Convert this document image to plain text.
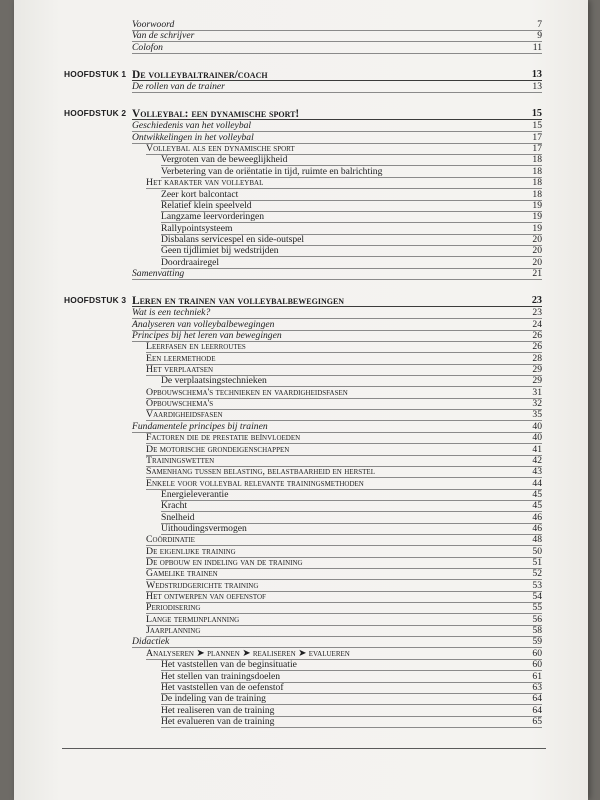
Voorwoord	7
Van de schrijver	9
Colofon	11
HOOFDSTUK 1 De volleybaltrainer/coach	13
De rollen van de trainer	13
HOOFDSTUK 2 Volleybal: een dynamische sport!	15
Geschiedenis van het volleybal	15
Ontwikkelingen in het volleybal	17
Volleybal als een dynamische sport	17
Vergroten van de beweeglijkheid	18
Verbetering van de oriëntatie in tijd, ruimte en balrichting	18
Het karakter van volleybal	18
Zeer kort balcontact	18
Relatief klein speelveld	19
Langzame leervorderingen	19
Rallypointsysteem	19
Disbalans servicespel en side-outspel	20
Geen tijdlimiet bij wedstrijden	20
Doordraairegel	20
Samenvatting	21
HOOFDSTUK 3 Leren en trainen van volleybalbewegingen	23
Wat is een techniek?	23
Analyseren van volleybalbewegingen	24
Principes bij het leren van bewegingen	26
Leerfasen en leerroutes	26
Een leermethode	28
Het verplaatsen	29
De verplaatsingstechnieken	29
Opbouwschema's technieken en vaardigheidsfasen	31
Opbouwschema's	32
Vaardigheidsfasen	35
Fundamentele principes bij trainen	40
Factoren die de prestatie beïnvloeden	40
De motorische grondeigenschappen	41
Trainingswetten	42
Samenhang tussen belasting, belastbaarheid en herstel	43
Enkele voor volleybal relevante trainingsmethoden	44
Energieleverantie	45
Kracht	45
Snelheid	46
Uithoudingsvermogen	46
Coördinatie	48
De eigenlijke training	50
De opbouw en indeling van de training	51
Gamelike trainen	52
Wedstrijdgerichte training	53
Het ontwerpen van oefenstof	54
Periodisering	55
Lange termijnplanning	56
Jaarplanning	58
Didactiek	59
Analyseren ➤ plannen ➤ realiseren ➤ evalueren	60
Het vaststellen van de beginsituatie	60
Het stellen van trainingsdoelen	61
Het vaststellen van de oefenstof	63
De indeling van de training	64
Het realiseren van de training	64
Het evalueren van de training	65
